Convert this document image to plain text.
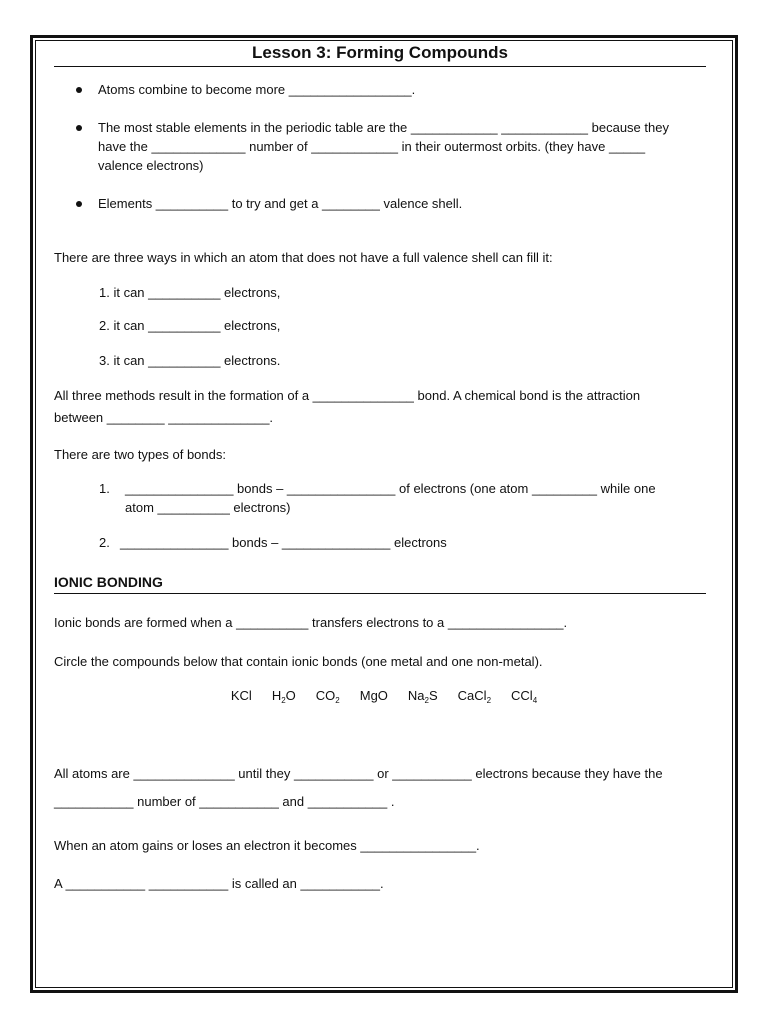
Lesson 3: Forming Compounds
Atoms combine to become more _________________.
The most stable elements in the periodic table are the ____________ ____________ because they
have the _____________ number of ____________ in their outermost orbits. (they have _____
valence electrons)
Elements __________ to try and get a ________ valence shell.
There are three ways in which an atom that does not have a full valence shell can fill it:
1. it can __________ electrons,
2. it can __________ electrons,
3. it can __________ electrons.
All three methods result in the formation of a ______________ bond. A chemical bond is the attraction
between ________ ______________.
There are two types of bonds:
1. _______________ bonds – _______________ of electrons (one atom _________ while one
atom __________ electrons)
2. _______________ bonds – _______________ electrons
IONIC BONDING
Ionic bonds are formed when a __________ transfers electrons to a ________________.
Circle the compounds below that contain ionic bonds (one metal and one non-metal).
KCl $H_2O$ $CO_2$ MgO $Na_2S$ CaCl$_2$ CCl$_4$
All atoms are ______________ until they ___________ or ___________ electrons because they have the
___________ number of ___________ and ___________ .
When an atom gains or loses an electron it becomes ________________.
A ___________ ___________ is called an ___________.
